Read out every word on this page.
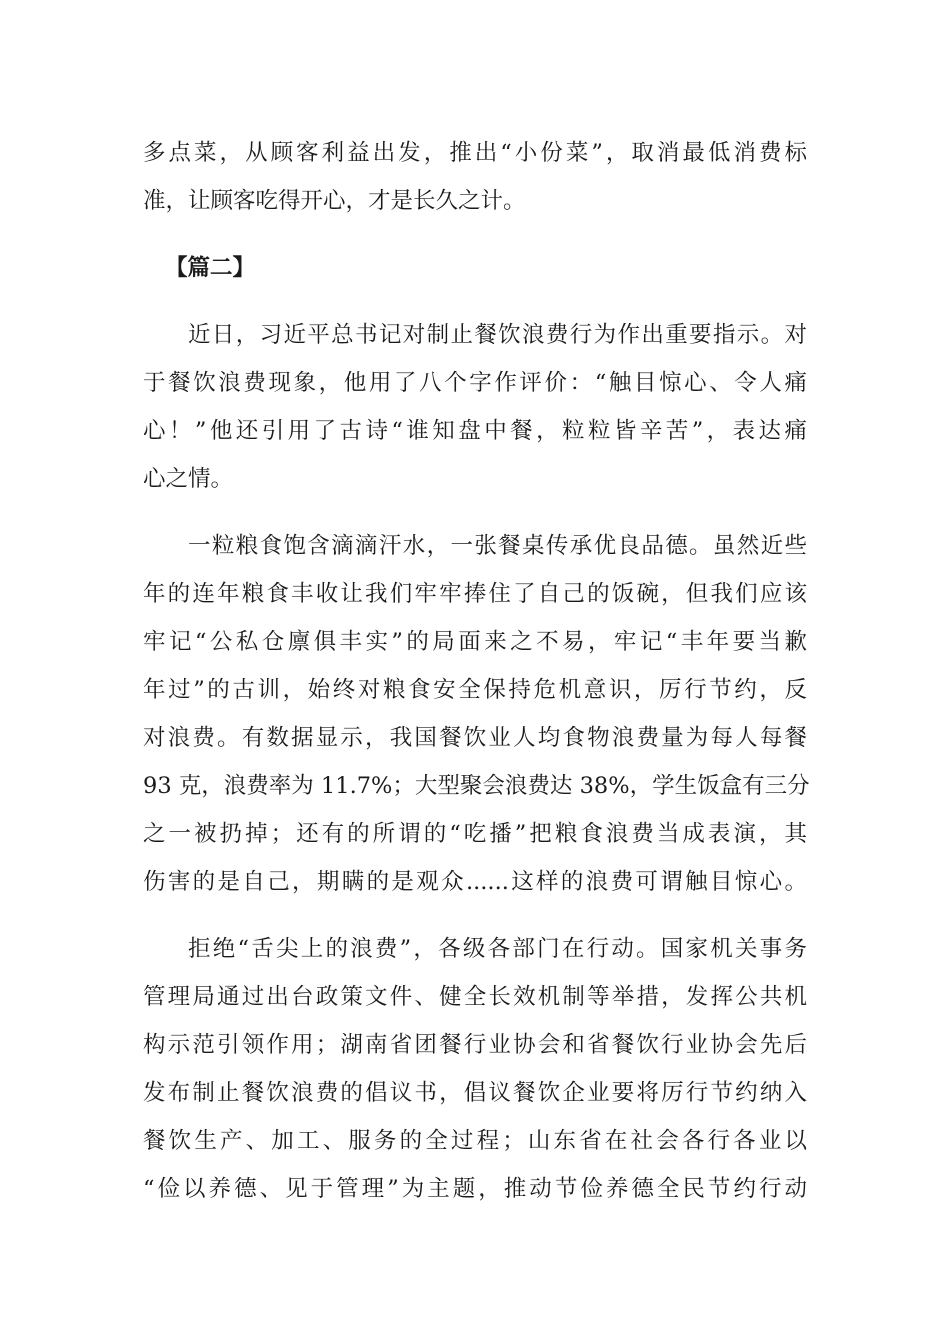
多点菜，从顾客利益出发，推出“小份菜”，取消最低消费标
准，让顾客吃得开心，才是长久之计。
【篇二】
近日，习近平总书记对制止餐饮浪费行为作出重要指示。对
于餐饮浪费现象，他用了八个字作评价：“触目惊心、令人痛
心！”他还引用了古诗“谁知盘中餐，粒粒皆辛苦”，表达痛
心之情。
一粒粮食饱含滴滴汗水，一张餐桌传承优良品德。虽然近些
年的连年粮食丰收让我们牢牢捧住了自己的饭碗，但我们应该
牢记“公私仓廪俱丰实”的局面来之不易，牢记“丰年要当歉
年过”的古训，始终对粮食安全保持危机意识，厉行节约，反
对浪费。有数据显示，我国餐饮业人均食物浪费量为每人每餐
93 克，浪费率为 11.7%；大型聚会浪费达 38%，学生饭盒有三分
之一被扔掉；还有的所谓的“吃播”把粮食浪费当成表演，其
伤害的是自己，期瞒的是观众......这样的浪费可谓触目惊心。
拒绝“舌尖上的浪费”，各级各部门在行动。国家机关事务
管理局通过出台政策文件、健全长效机制等举措，发挥公共机
构示范引领作用；湖南省团餐行业协会和省餐饮行业协会先后
发布制止餐饮浪费的倡议书，倡议餐饮企业要将厉行节约纳入
餐饮生产、加工、服务的全过程；山东省在社会各行各业以
“俭以养德、见于管理”为主题，推动节俭养德全民节约行动
